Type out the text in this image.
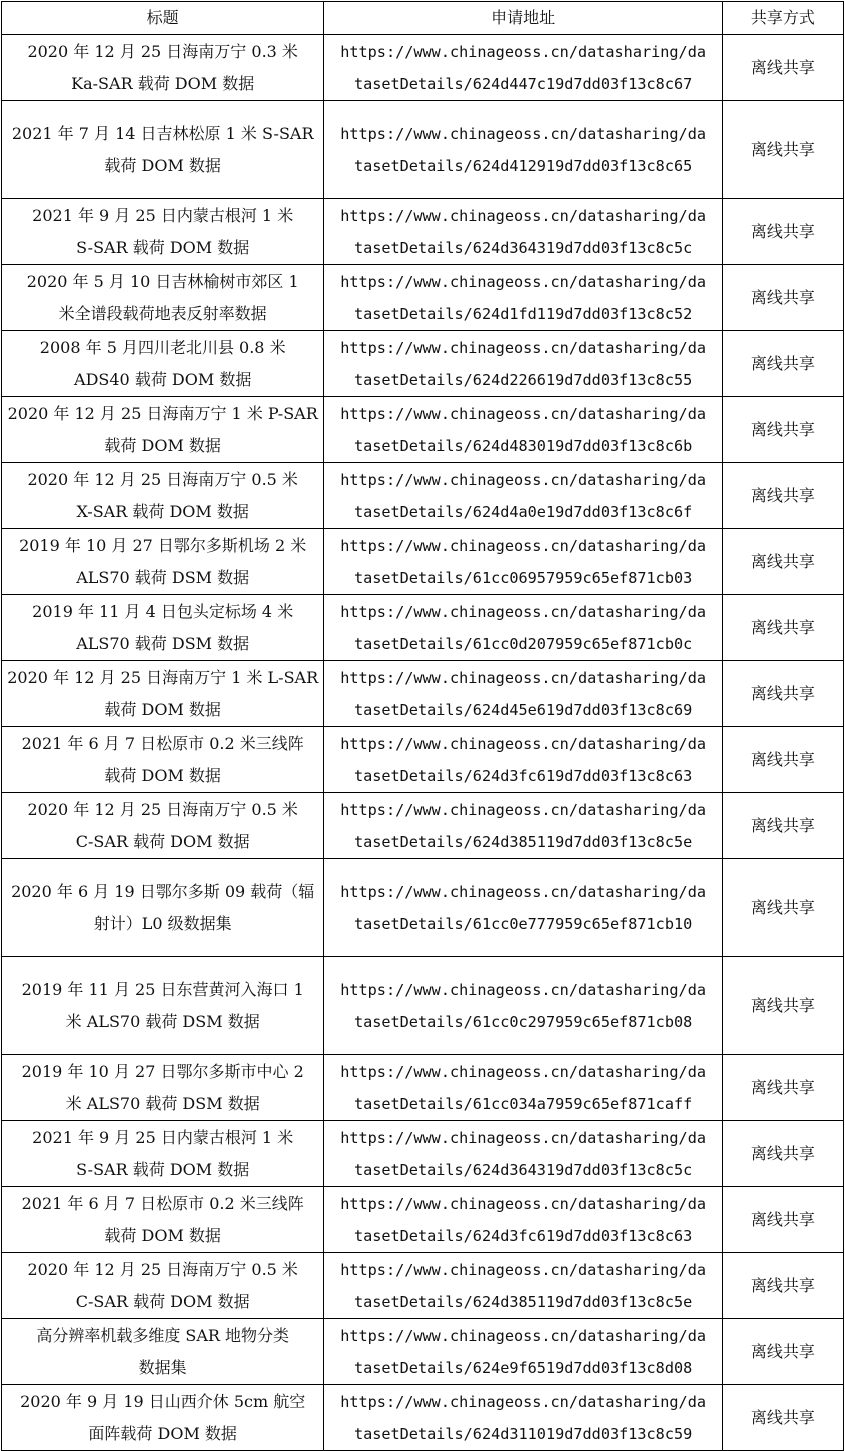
标题	申请地址	共享方式

2020 年 12 月 25 日海南万宁 0.3 米
Ka-SAR 载荷 DOM 数据	https://www.chinageoss.cn/datasharing/da
tasetDetails/624d447c19d7dd03f13c8c67	离线共享

2021 年 7 月 14 日吉林松原 1 米 S-SAR
载荷 DOM 数据	https://www.chinageoss.cn/datasharing/da
tasetDetails/624d412919d7dd03f13c8c65	离线共享

2021 年 9 月 25 日内蒙古根河 1 米
S-SAR 载荷 DOM 数据	https://www.chinageoss.cn/datasharing/da
tasetDetails/624d364319d7dd03f13c8c5c	离线共享

2020 年 5 月 10 日吉林榆树市郊区 1
米全谱段载荷地表反射率数据	https://www.chinageoss.cn/datasharing/da
tasetDetails/624d1fd119d7dd03f13c8c52	离线共享

2008 年 5 月四川老北川县 0.8 米
ADS40 载荷 DOM 数据	https://www.chinageoss.cn/datasharing/da
tasetDetails/624d226619d7dd03f13c8c55	离线共享

2020 年 12 月 25 日海南万宁 1 米 P-SAR
载荷 DOM 数据	https://www.chinageoss.cn/datasharing/da
tasetDetails/624d483019d7dd03f13c8c6b	离线共享

2020 年 12 月 25 日海南万宁 0.5 米
X-SAR 载荷 DOM 数据	https://www.chinageoss.cn/datasharing/da
tasetDetails/624d4a0e19d7dd03f13c8c6f	离线共享

2019 年 10 月 27 日鄂尔多斯机场 2 米
ALS70 载荷 DSM 数据	https://www.chinageoss.cn/datasharing/da
tasetDetails/61cc06957959c65ef871cb03	离线共享

2019 年 11 月 4 日包头定标场 4 米
ALS70 载荷 DSM 数据	https://www.chinageoss.cn/datasharing/da
tasetDetails/61cc0d207959c65ef871cb0c	离线共享

2020 年 12 月 25 日海南万宁 1 米 L-SAR
载荷 DOM 数据	https://www.chinageoss.cn/datasharing/da
tasetDetails/624d45e619d7dd03f13c8c69	离线共享

2021 年 6 月 7 日松原市 0.2 米三线阵
载荷 DOM 数据	https://www.chinageoss.cn/datasharing/da
tasetDetails/624d3fc619d7dd03f13c8c63	离线共享

2020 年 12 月 25 日海南万宁 0.5 米
C-SAR 载荷 DOM 数据	https://www.chinageoss.cn/datasharing/da
tasetDetails/624d385119d7dd03f13c8c5e	离线共享

2020 年 6 月 19 日鄂尔多斯 09 载荷（辐
射计）L0 级数据集	https://www.chinageoss.cn/datasharing/da
tasetDetails/61cc0e777959c65ef871cb10	离线共享

2019 年 11 月 25 日东营黄河入海口 1
米 ALS70 载荷 DSM 数据	https://www.chinageoss.cn/datasharing/da
tasetDetails/61cc0c297959c65ef871cb08	离线共享

2019 年 10 月 27 日鄂尔多斯市中心 2
米 ALS70 载荷 DSM 数据	https://www.chinageoss.cn/datasharing/da
tasetDetails/61cc034a7959c65ef871caff	离线共享

2021 年 9 月 25 日内蒙古根河 1 米
S-SAR 载荷 DOM 数据	https://www.chinageoss.cn/datasharing/da
tasetDetails/624d364319d7dd03f13c8c5c	离线共享

2021 年 6 月 7 日松原市 0.2 米三线阵
载荷 DOM 数据	https://www.chinageoss.cn/datasharing/da
tasetDetails/624d3fc619d7dd03f13c8c63	离线共享

2020 年 12 月 25 日海南万宁 0.5 米
C-SAR 载荷 DOM 数据	https://www.chinageoss.cn/datasharing/da
tasetDetails/624d385119d7dd03f13c8c5e	离线共享

高分辨率机载多维度 SAR 地物分类
数据集	https://www.chinageoss.cn/datasharing/da
tasetDetails/624e9f6519d7dd03f13c8d08	离线共享

2020 年 9 月 19 日山西介休 5cm 航空
面阵载荷 DOM 数据	https://www.chinageoss.cn/datasharing/da
tasetDetails/624d311019d7dd03f13c8c59	离线共享
